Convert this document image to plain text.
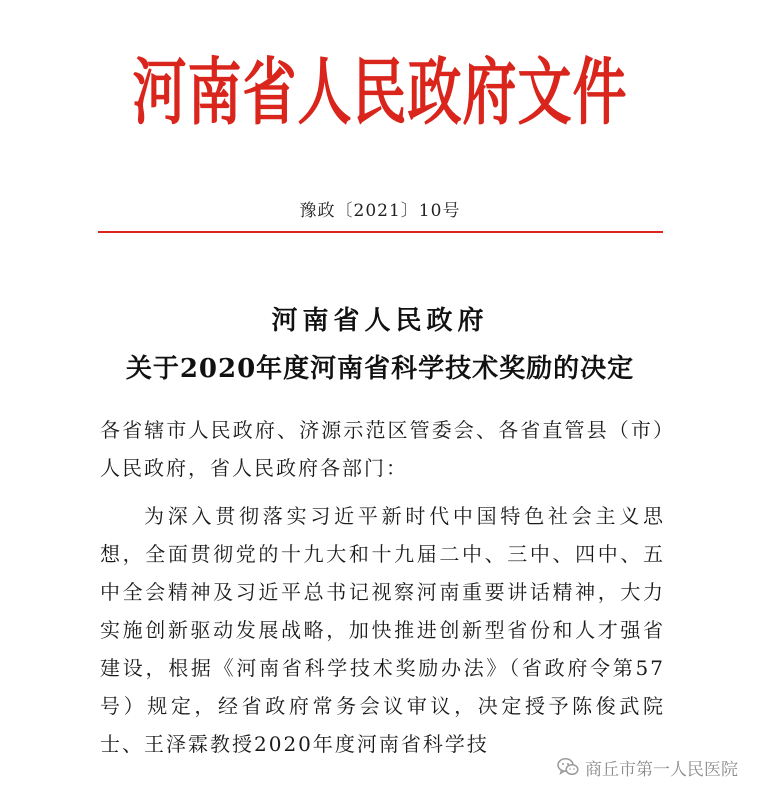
河南省人民政府文件
豫政〔2021〕10号
河南省人民政府
关于2020年度河南省科学技术奖励的决定

各省辖市人民政府、济源示范区管委会、各省直管县（市）人民政府，省人民政府各部门：

为深入贯彻落实习近平新时代中国特色社会主义思想，全面贯彻党的十九大和十九届二中、三中、四中、五中全会精神及习近平总书记视察河南重要讲话精神，大力实施创新驱动发展战略，加快推进创新型省份和人才强省建设，根据《河南省科学技术奖励办法》（省政府令第57号）规定，经省政府常务会议审议，决定授予陈俊武院士、王泽霖教授2020年度河南省科学技

商丘市第一人民医院
